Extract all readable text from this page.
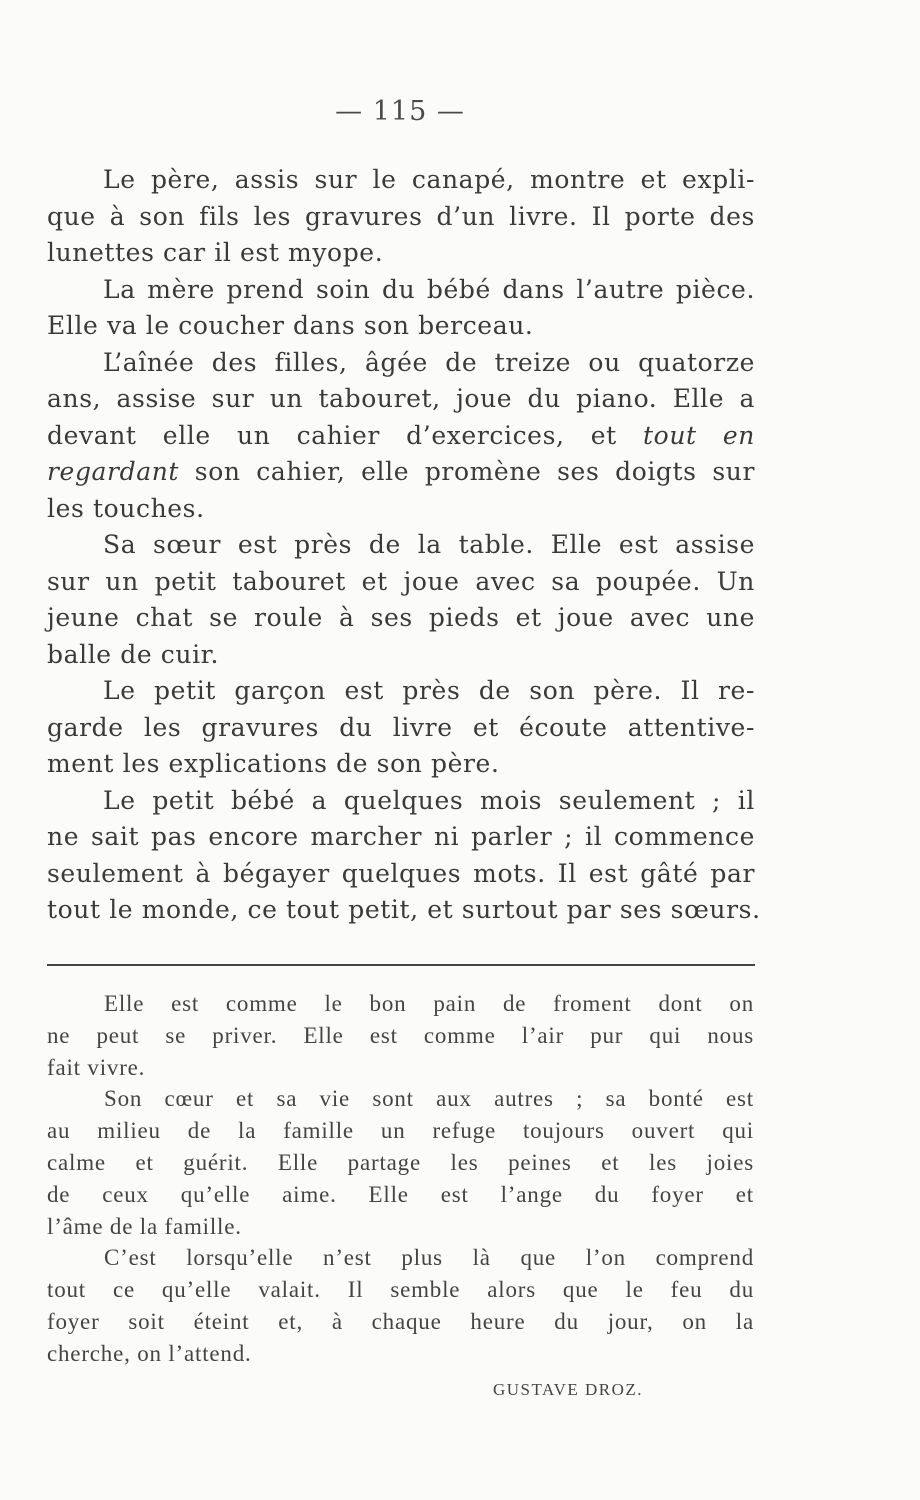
— 115 —
Le père, assis sur le canapé, montre et expli-
que à son fils les gravures d’un livre. Il porte des
lunettes car il est myope.
La mère prend soin du bébé dans l’autre pièce.
Elle va le coucher dans son berceau.
L’aînée des filles, âgée de treize ou quatorze
ans, assise sur un tabouret, joue du piano. Elle a
devant elle un cahier d’exercices, et tout en
regardant son cahier, elle promène ses doigts sur
les touches.
Sa sœur est près de la table. Elle est assise
sur un petit tabouret et joue avec sa poupée. Un
jeune chat se roule à ses pieds et joue avec une
balle de cuir.
Le petit garçon est près de son père. Il re-
garde les gravures du livre et écoute attentive-
ment les explications de son père.
Le petit bébé a quelques mois seulement ; il
ne sait pas encore marcher ni parler ; il commence
seulement à bégayer quelques mots. Il est gâté par
tout le monde, ce tout petit, et surtout par ses sœurs.
Elle est comme le bon pain de froment dont on
ne peut se priver. Elle est comme l’air pur qui nous
fait vivre.
Son cœur et sa vie sont aux autres ; sa bonté est
au milieu de la famille un refuge toujours ouvert qui
calme et guérit. Elle partage les peines et les joies
de ceux qu’elle aime. Elle est l’ange du foyer et
l’âme de la famille.
C’est lorsqu’elle n’est plus là que l’on comprend
tout ce qu’elle valait. Il semble alors que le feu du
foyer soit éteint et, à chaque heure du jour, on la
cherche, on l’attend.
GUSTAVE DROZ.
